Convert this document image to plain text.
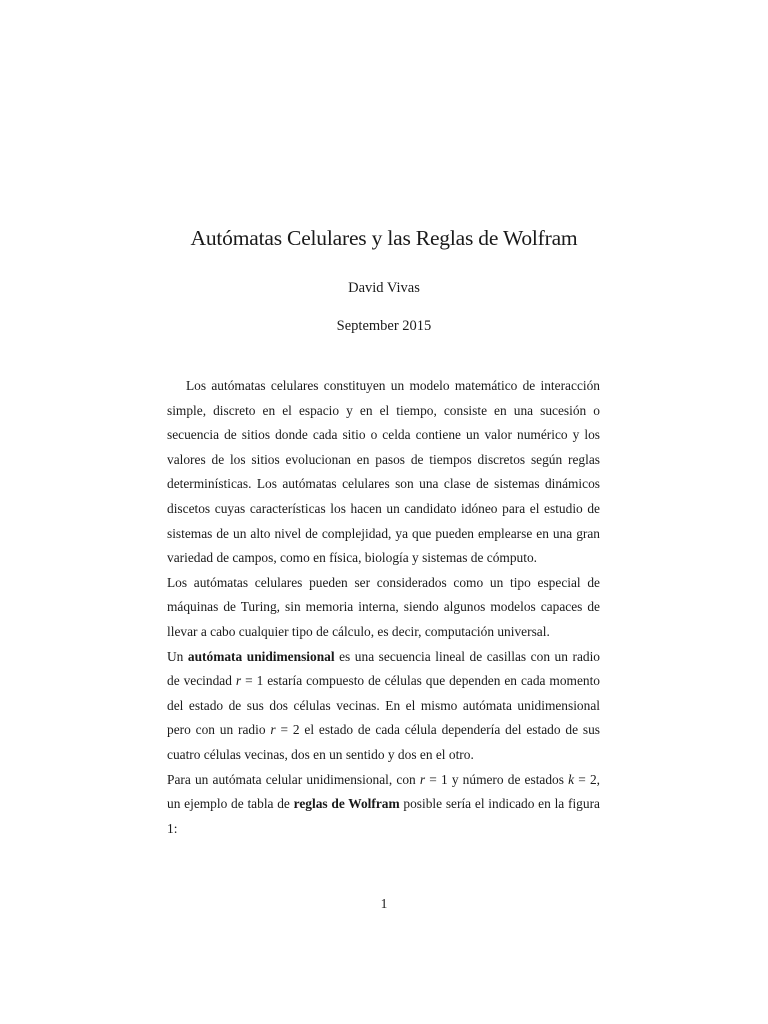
Autómatas Celulares y las Reglas de Wolfram
David Vivas
September 2015

Los autómatas celulares constituyen un modelo matemático de interacción simple, discreto en el espacio y en el tiempo, consiste en una sucesión o secuencia de sitios donde cada sitio o celda contiene un valor numérico y los valores de los sitios evolucionan en pasos de tiempos discretos según reglas determinísticas. Los autómatas celulares son una clase de sistemas dinámicos discetos cuyas características los hacen un candidato idóneo para el estudio de sistemas de un alto nivel de complejidad, ya que pueden emplearse en una gran variedad de campos, como en física, biología y sistemas de cómputo.

Los autómatas celulares pueden ser considerados como un tipo especial de máquinas de Turing, sin memoria interna, siendo algunos modelos capaces de llevar a cabo cualquier tipo de cálculo, es decir, computación universal.

Un autómata unidimensional es una secuencia lineal de casillas con un radio de vecindad r = 1 estaría compuesto de células que dependen en cada momento del estado de sus dos células vecinas. En el mismo autómata unidimensional pero con un radio r = 2 el estado de cada célula dependería del estado de sus cuatro células vecinas, dos en un sentido y dos en el otro.

Para un autómata celular unidimensional, con r = 1 y número de estados k = 2, un ejemplo de tabla de reglas de Wolfram posible sería el indicado en la figura 1:

1
